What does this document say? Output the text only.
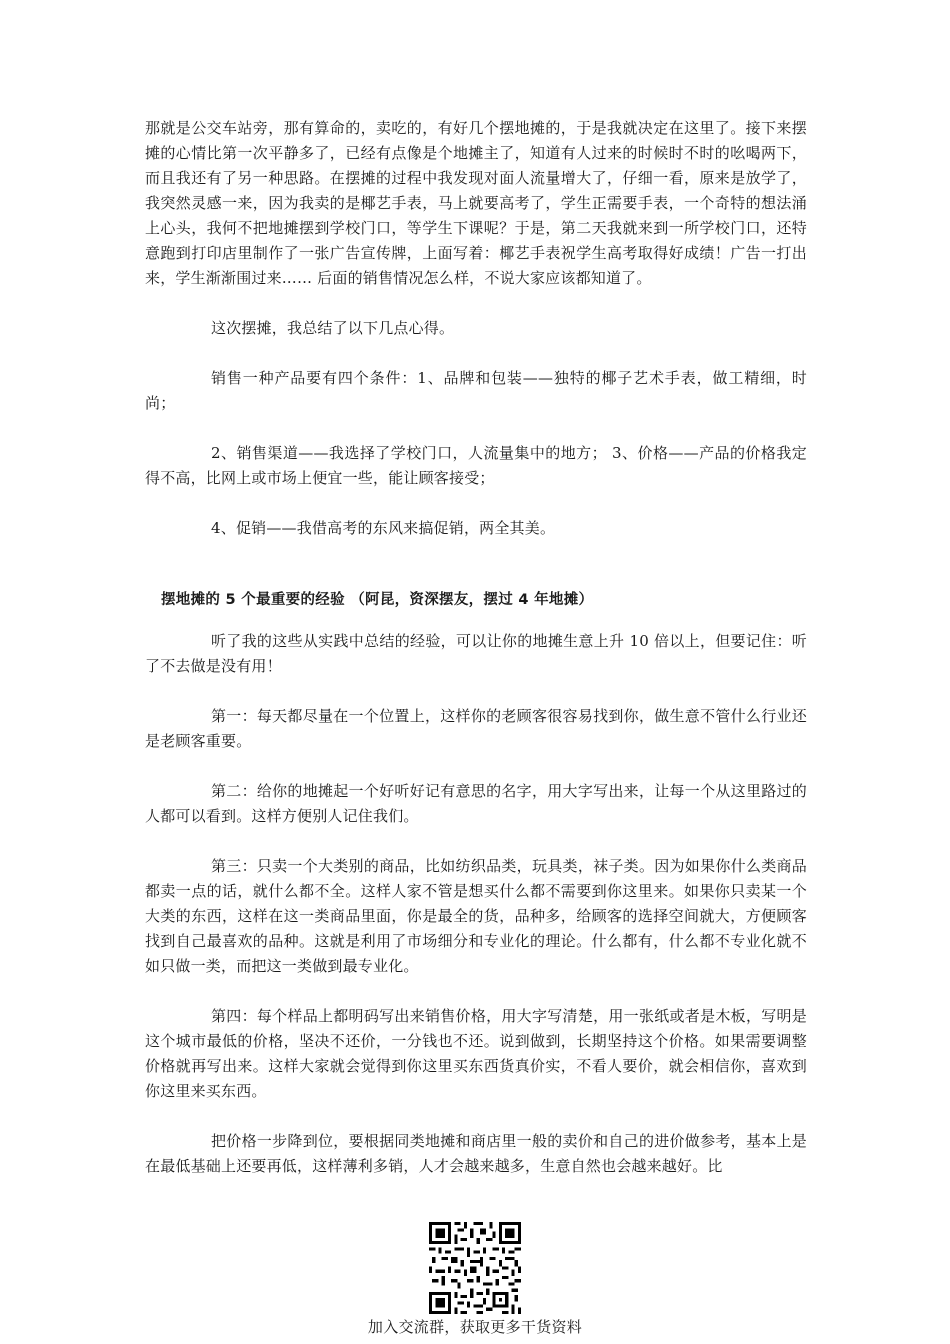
那就是公交车站旁，那有算命的，卖吃的，有好几个摆地摊的，于是我就决定在这里了。接下来摆摊的心情比第一次平静多了，已经有点像是个地摊主了，知道有人过来的时候时不时的吆喝两下，而且我还有了另一种思路。在摆摊的过程中我发现对面人流量增大了，仔细一看，原来是放学了，我突然灵感一来，因为我卖的是椰艺手表，马上就要高考了，学生正需要手表，一个奇特的想法涌上心头，我何不把地摊摆到学校门口，等学生下课呢？于是，第二天我就来到一所学校门口，还特意跑到打印店里制作了一张广告宣传牌，上面写着：椰艺手表祝学生高考取得好成绩！广告一打出来，学生渐渐围过来…… 后面的销售情况怎么样，不说大家应该都知道了。

这次摆摊，我总结了以下几点心得。

销售一种产品要有四个条件：1、品牌和包装——独特的椰子艺术手表，做工精细，时尚；

2、销售渠道——我选择了学校门口，人流量集中的地方； 3、价格——产品的价格我定得不高，比网上或市场上便宜一些，能让顾客接受；

4、促销——我借高考的东风来搞促销，两全其美。

摆地摊的 5 个最重要的经验 （阿昆，资深摆友，摆过 4 年地摊）

听了我的这些从实践中总结的经验，可以让你的地摊生意上升 10 倍以上，但要记住：听了不去做是没有用！

第一：每天都尽量在一个位置上，这样你的老顾客很容易找到你，做生意不管什么行业还是老顾客重要。

第二：给你的地摊起一个好听好记有意思的名字，用大字写出来，让每一个从这里路过的人都可以看到。这样方便别人记住我们。

第三：只卖一个大类别的商品，比如纺织品类，玩具类，袜子类。因为如果你什么类商品都卖一点的话，就什么都不全。这样人家不管是想买什么都不需要到你这里来。如果你只卖某一个大类的东西，这样在这一类商品里面，你是最全的货，品种多，给顾客的选择空间就大，方便顾客找到自己最喜欢的品种。这就是利用了市场细分和专业化的理论。什么都有，什么都不专业化就不如只做一类，而把这一类做到最专业化。

第四：每个样品上都明码写出来销售价格，用大字写清楚，用一张纸或者是木板，写明是这个城市最低的价格，坚决不还价，一分钱也不还。说到做到，长期坚持这个价格。如果需要调整价格就再写出来。这样大家就会觉得到你这里买东西货真价实，不看人要价，就会相信你，喜欢到你这里来买东西。

把价格一步降到位，要根据同类地摊和商店里一般的卖价和自己的进价做参考，基本上是在最低基础上还要再低，这样薄利多销，人才会越来越多，生意自然也会越来越好。比

加入交流群，获取更多干货资料
